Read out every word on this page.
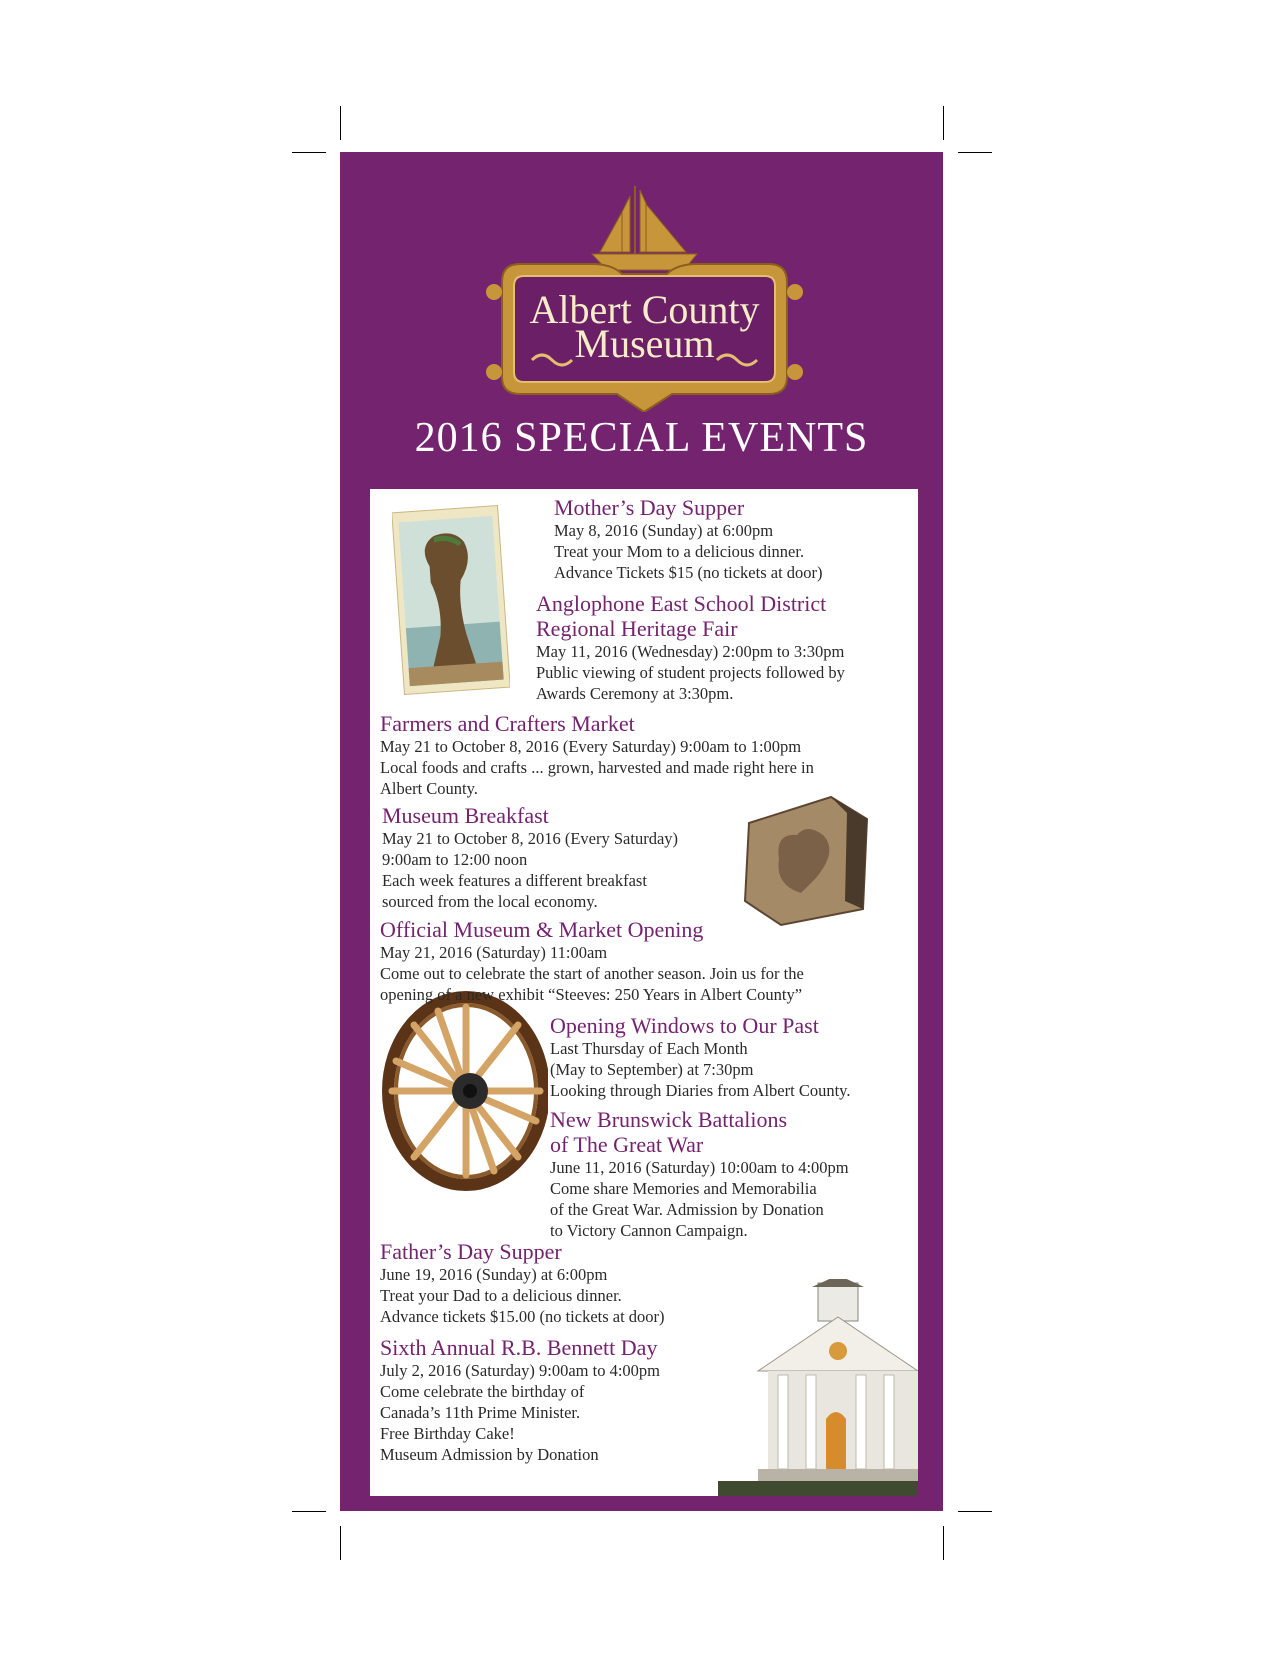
Albert County
Museum
2016 SPECIAL EVENTS

Mother’s Day Supper

May 8, 2016 (Sunday) at 6:00pm

Treat your Mom to a delicious dinner.

Advance Tickets $15 (no tickets at door)

Anglophone East School District

Regional Heritage Fair

May 11, 2016 (Wednesday) 2:00pm to 3:30pm

Public viewing of student projects followed by

Awards Ceremony at 3:30pm.

Farmers and Crafters Market

May 21 to October 8, 2016 (Every Saturday) 9:00am to 1:00pm

Local foods and crafts ... grown, harvested and made right here in

Albert County.

Museum Breakfast

May 21 to October 8, 2016 (Every Saturday)

9:00am to 12:00 noon

Each week features a different breakfast

sourced from the local economy.

Official Museum & Market Opening

May 21, 2016 (Saturday) 11:00am

Come out to celebrate the start of another season. Join us for the

opening of a new exhibit “Steeves: 250 Years in Albert County”

Opening Windows to Our Past

Last Thursday of Each Month

(May to September) at 7:30pm

Looking through Diaries from Albert County.

New Brunswick Battalions

of The Great War

June 11, 2016 (Saturday) 10:00am to 4:00pm

Come share Memories and Memorabilia

of the Great War. Admission by Donation

to Victory Cannon Campaign.

Father’s Day Supper

June 19, 2016 (Sunday) at 6:00pm

Treat your Dad to a delicious dinner.

Advance tickets $15.00 (no tickets at door)

Sixth Annual R.B. Bennett Day

July 2, 2016 (Saturday) 9:00am to 4:00pm

Come celebrate the birthday of

Canada’s 11th Prime Minister.

Free Birthday Cake!

Museum Admission by Donation
